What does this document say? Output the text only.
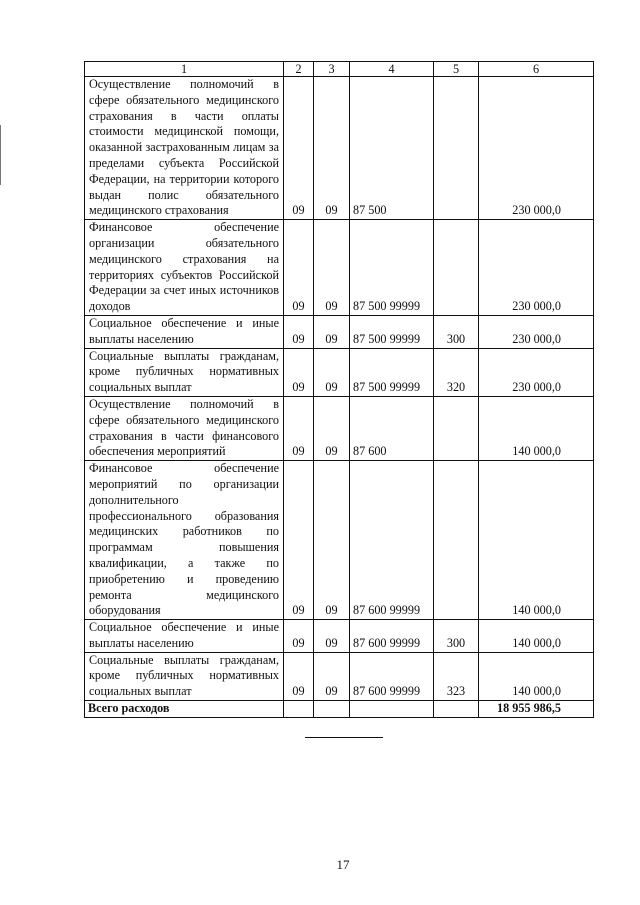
1	2	3	4	5	6
Осуществление полномочий в сфере обязательного медицинского страхования в части оплаты стоимости медицинской помощи, оказанной застрахованным лицам за пределами субъекта Российской Федерации, на территории которого выдан полис обязательного медицинского страхования	09	09	87 500		230 000,0
Финансовое обеспечение организации обязательного медицинского страхования на территориях субъектов Российской Федерации за счет иных источников доходов	09	09	87 500 99999		230 000,0
Социальное обеспечение и иные выплаты населению	09	09	87 500 99999	300	230 000,0
Социальные выплаты гражданам, кроме публичных нормативных социальных выплат	09	09	87 500 99999	320	230 000,0
Осуществление полномочий в сфере обязательного медицинского страхования в части финансового обеспечения мероприятий	09	09	87 600		140 000,0
Финансовое обеспечение мероприятий по организации дополнительного профессионального образования медицинских работников по программам повышения квалификации, а также по приобретению и проведению ремонта медицинского оборудования	09	09	87 600 99999		140 000,0
Социальное обеспечение и иные выплаты населению	09	09	87 600 99999	300	140 000,0
Социальные выплаты гражданам, кроме публичных нормативных социальных выплат	09	09	87 600 99999	323	140 000,0
Всего расходов					18 955 986,5
17
